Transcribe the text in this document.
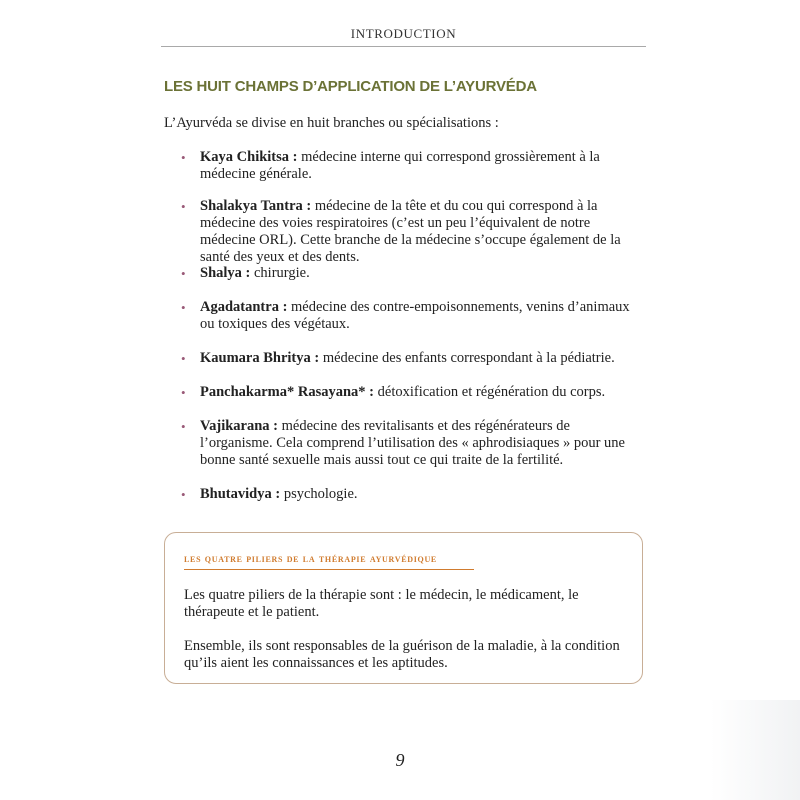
INTRODUCTION
LES HUIT CHAMPS D’APPLICATION DE L’AYURVÉDA

L’Ayurvéda se divise en huit branches ou spécialisations :

• Kaya Chikitsa : médecine interne qui correspond grossièrement à la médecine générale.
• Shalakya Tantra : médecine de la tête et du cou qui correspond à la médecine des voies respiratoires (c’est un peu l’équivalent de notre médecine ORL). Cette branche de la médecine s’occupe également de la santé des yeux et des dents.
• Shalya : chirurgie.
• Agadatantra : médecine des contre-empoisonnements, venins d’animaux ou toxiques des végétaux.
• Kaumara Bhritya : médecine des enfants correspondant à la pédiatrie.
• Panchakarma* Rasayana* : détoxification et régénération du corps.
• Vajikarana : médecine des revitalisants et des régénérateurs de l’organisme. Cela comprend l’utilisation des « aphrodisiaques » pour une bonne santé sexuelle mais aussi tout ce qui traite de la fertilité.
• Bhutavidya : psychologie.
les quatre piliers de la thérapie ayurvédique

Les quatre piliers de la thérapie sont : le médecin, le médicament, le thérapeute et le patient.

Ensemble, ils sont responsables de la guérison de la maladie, à la condition qu’ils aient les connaissances et les aptitudes.

9
